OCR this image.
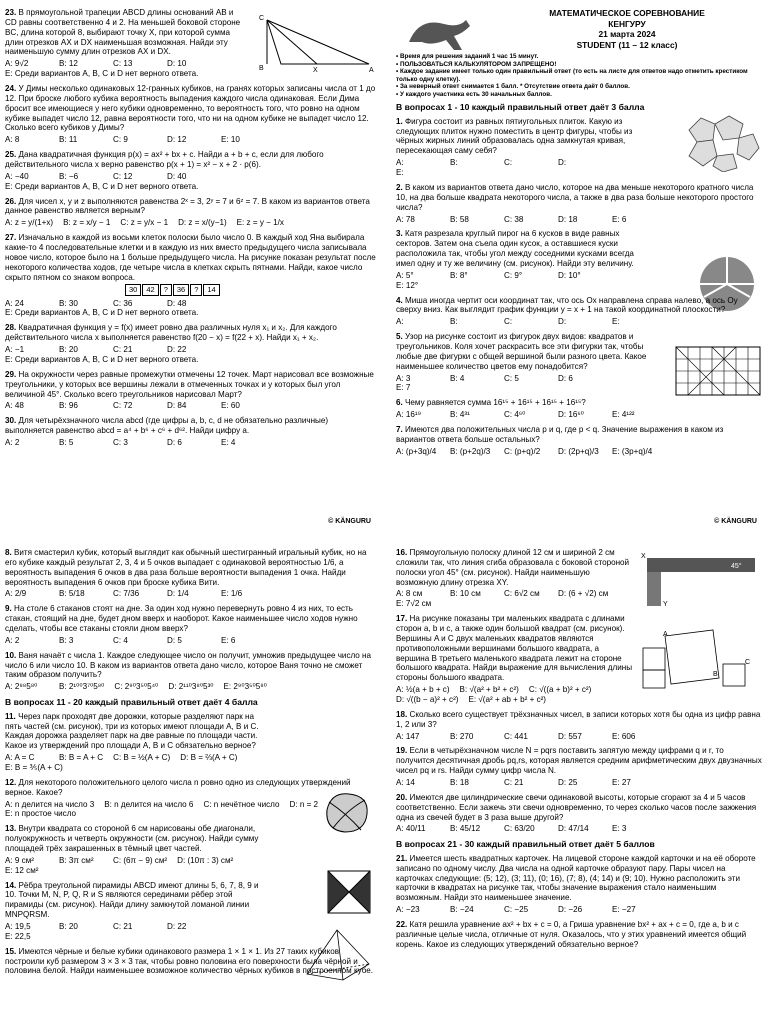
C
B	A
X
23. В прямоугольной трапеции ABCD длины оснований AB и CD равны соответственно 4 и 2. На меньшей боковой стороне BC, длина которой 8, выбирают точку X, при которой сумма длин отрезков AX и DX наименьшая возможная. Найди эту наименьшую сумму длин отрезков AX и DX.
A: 9√2	B: 12	C: 13	D: 10
E: Среди вариантов A, B, C и D нет верного ответа.
24. У Димы несколько одинаковых 12-гранных кубиков, на гранях которых записаны числа от 1 до 12. При броске любого кубика вероятность выпадения каждого числа одинаковая. Если Дима бросит все имеющиеся у него кубики одновременно, то вероятность того, что ровно на одном кубике выпадет число 12, равна вероятности того, что ни на одном кубике не выпадет число 12. Сколько всего кубиков у Димы?
A: 8	B: 11	C: 9	D: 12	E: 10
25. Дана квадратичная функция p(x) = ax² + bx + c. Найди a + b + c, если для любого действительного числа x верно равенство p(x + 1) = x² − x + 2 · p(6).
A: −40	B: −6	C: 12	D: 40
E: Среди вариантов A, B, C и D нет верного ответа.
26. Для чисел x, y и z выполняются равенства 2ˣ = 3, 2ʸ = 7 и 6ᶻ = 7. В каком из вариантов ответа данное равенство является верным?
A: z = y/(1+x) B: z = x/y − 1 C: z = y/x − 1 D: z = x/(y−1) E: z = y − 1/x
27. Изначально в каждой из восьми клеток полоски было число 0. В каждый ход Яна выбирала какие-то 4 последовательные клетки и в каждую из них вместо предыдущего числа записывала новое число, которое было на 1 больше предыдущего числа. На рисунке показан результат после некоторого количества ходов, где четыре числа в клетках скрыть пятнами. Найди, какое число скрыто пятном со знаком вопроса.
30 42 ? 36 ? 14
A: 24	B: 30	C: 36	D: 48
E: Среди вариантов A, B, C и D нет верного ответа.
28. Квадратичная функция y = f(x) имеет ровно два различных нуля x₁ и x₂. Для каждого действительного числа x выполняется равенство f(20 − x) = f(22 + x). Найди x₁ + x₂.
A: −1	B: 20	C: 21	D: 22
E: Среди вариантов A, B, C и D нет верного ответа.
29. На окружности через равные промежутки отмечены 12 точек. Март нарисовал все возможные треугольники, у которых все вершины лежали в отмеченных точках и у которых был угол величиной 45°. Сколько всего треугольников нарисовал Март?
A: 48	B: 96	C: 72	D: 84	E: 60
30. Для четырёхзначного числа abcd (где цифры a, b, c, d не обязательно различные) выполняется равенство abcd = a⁴ + b⁶ + c⁶ + d⁶². Найди цифру a.
A: 2	B: 5	C: 3	D: 6	E: 4
© KÄNGURU
МАТЕМАТИЧЕСКОЕ СОРЕВНОВАНИЕ
КЕНГУРУ
21 марта 2024
STUDENT (11 – 12 класс)
• Время для решения заданий 1 час 15 минут.
• ПОЛЬЗОВАТЬСЯ КАЛЬКУЛЯТОРОМ ЗАПРЕЩЕНО!
• Каждое задание имеет только один правильный ответ (то есть на листе для ответов надо отметить крестиком только одну клетку).
• За неверный ответ снимается 1 балл. * Отсутствие ответа даёт 0 баллов.
• У каждого участника есть 30 начальных баллов.
В вопросах 1 - 10 каждый правильный ответ даёт 3 балла
1. Фигура состоит из равных пятиугольных плиток. Какую из следующих плиток нужно поместить в центр фигуры, чтобы из чёрных жирных линий образовалась одна замкнутая кривая, пересекающая саму себя?
A:	B:	C:	D:
E:
2. В каком из вариантов ответа дано число, которое на два меньше некоторого кратного числа 10, на два больше квадрата некоторого числа, а также в два раза больше некоторого простого числа?
A: 78	B: 58	C: 38	D: 18	E: 6
3. Катя разрезала круглый пирог на 6 кусков в виде равных секторов. Затем она съела один кусок, а оставшиеся куски расположила так, чтобы угол между соседними кусками всегда имел одну и ту же величину (см. рисунок). Найди эту величину.
A: 5°	B: 8°	C: 9°	D: 10°
E: 12°
4. Миша иногда чертит оси координат так, что ось Ox направлена справа налево, а ось Oy сверху вниз. Как выглядит график функции y = x + 1 на такой координатной плоскости?
A:	B:	C:	D:	E:
5. Узор на рисунке состоит из фигурок двух видов: квадратов и треугольников. Коля хочет раскрасить все эти фигурки так, чтобы любые две фигурки с общей вершиной были разного цвета. Какое наименьшее количество цветов ему понадобится?
A: 3	B: 4	C: 5	D: 6
E: 7
6. Чему равняется сумма 16¹⁵ + 16¹⁵ + 16¹⁵ + 16¹⁵?
A: 16¹⁹	B: 4³¹	C: 4⁶⁰	D: 16⁶⁰	E: 4¹²²
7. Имеются два положительных числа p и q, где p < q. Значение выражения в каком из вариантов ответа больше остальных?
A: (p+3q)/4	B: (p+2q)/3	C: (p+q)/2	D: (2p+q)/3	E: (3p+q)/4
© KÄNGURU
8. Витя смастерил кубик, который выглядит как обычный шестигранный игральный кубик, но на его кубике каждый результат 2, 3, 4 и 5 очков выпадает с одинаковой вероятностью 1/6, а вероятность выпадения 6 очков в два раза больше вероятности выпадения 1 очка. Найди вероятность выпадения 6 очков при броске кубика Вити.
A: 2/9	B: 5/18	C: 7/36	D: 1/4	E: 1/6
9. На столе 6 стаканов стоят на дне. За один ход нужно перевернуть ровно 4 из них, то есть стакан, стоящий на дне, будет дном вверх и наоборот. Какое наименьшее число ходов нужно сделать, чтобы все стаканы стояли дном вверх?
A: 2	B: 3	C: 4	D: 5	E: 6
10. Ваня начаёт с числа 1. Каждое следующее число он получит, умножив предыдущее число на число 6 или число 10. В каком из вариантов ответа дано число, которое Ваня точно не сможет таким образом получить?
A: 2⁸⁸5⁸⁰	B: 2¹⁰⁰3⁷⁰5⁸⁰ C: 2⁹⁰3⁵⁰5⁴⁰ D: 2¹¹⁰3⁸⁰5³⁰ E: 2⁹⁰3⁵⁰5⁸⁰
В вопросах 11 - 20 каждый правильный ответ даёт 4 балла
11. Через парк проходят две дорожки, которые разделяют парк на пять частей (см. рисунок), три из которых имеют площади A, B и C. Каждая дорожка разделяет парк на две равные по площади части. Какое из утверждений про площади A, B и C обязательно верное?
A: A = C	B: B = A + C C: B = ½(A + C) D: B = ⅔(A + C)
E: B = ⅗(A + C)
12. Для некоторого положительного целого числа n ровно одно из следующих утверждений верное. Какое?
A: n делится на число 3 B: n делится на число 6 C: n нечётное число D: n = 2
E: n простое число
13. Внутри квадрата со стороной 6 см нарисованы обе диагонали, полуокружность и четверть окружности (см. рисунок). Найди сумму площадей трёх закрашенных в тёмный цвет частей.
A: 9 см²	B: 3π см²	C: (6π − 9) см² D: (10π : 3) см²
E: 12 см²
14. Рёбра треугольной пирамиды ABCD имеют длины 5, 6, 7, 8, 9 и 10. Точки M, N, P, Q, R и S являются серединами рёбер этой пирамиды (см. рисунок). Найди длину замкнутой ломаной линии MNPQRSM.
A: 19,5	B: 20	C: 21	D: 22
E: 22,5
15. Имеются чёрные и белые кубики одинакового размера 1 × 1 × 1. Из 27 таких кубиков построили куб размером 3 × 3 × 3 так, чтобы ровно половина его поверхности была чёрной и половина белой. Найди наименьшее возможное количество чёрных кубиков в построенном кубе.
X
Y
45°
A
B
C
16. Прямоугольную полоску длиной 12 см и шириной 2 см сложили так, что линия сгиба образовала с боковой стороной полоски угол 45° (см. рисунок). Найди наименьшую возможную длину отрезка XY.
A: 8 см	B: 10 см	C: 6√2 см	D: (6 + √2) см
E: 7√2 см
17. На рисунке показаны три маленьких квадрата с длинами сторон a, b и c, а также один большой квадрат (см. рисунок). Вершины A и C двух маленьких квадратов являются противоположными вершинами большого квадрата, а вершина B третьего маленького квадрата лежит на стороне большого квадрата. Найди выражение для вычисления длины стороны большого квадрата.
A: ½(a + b + c) B: √(a² + b² + c²) C: √((a + b)² + c²)
D: √((b − a)² + c²) E: √(a² + ab + b² + c²)
18. Сколько всего существует трёхзначных чисел, в записи которых хотя бы одна из цифр равна 1, 2 или 3?
A: 147	B: 270	C: 441	D: 557	E: 606
19. Если в четырёхзначном числе N = pqrs поставить запятую между цифрами q и r, то получится десятичная дробь pq,rs, которая является средним арифметическим двух двузначных чисел pq и rs. Найди сумму цифр числа N.
A: 14	B: 18	C: 21	D: 25	E: 27
20. Имеются две цилиндрические свечи одинаковой высоты, которые сгорают за 4 и 5 часов соответственно. Если зажечь эти свечи одновременно, то через сколько часов после зажжения одна из свечей будет в 3 раза выше другой?
A: 40/11	B: 45/12	C: 63/20	D: 47/14	E: 3
В вопросах 21 - 30 каждый правильный ответ даёт 5 баллов
21. Имеется шесть квадратных карточек. На лицевой стороне каждой карточки и на её обороте записано по одному числу. Два числа на одной карточке образуют пару. Пары чисел на карточках следующие: (5; 12), (3; 11), (0; 16), (7; 8), (4; 14) и (9; 10). Нужно расположить эти карточки в квадратах на рисунке так, чтобы значение выражения стало наименьшим возможным. Найди это наименьшее значение.
A: −23	B: −24	C: −25	D: −26	E: −27
22. Катя решила уравнение ax² + bx + c = 0, а Гриша уравнение bx² + ax + c = 0, где a, b и c различные целые числа, отличные от нуля. Оказалось, что у этих уравнений имеется общий корень. Какое из следующих утверждений обязательно верное?
